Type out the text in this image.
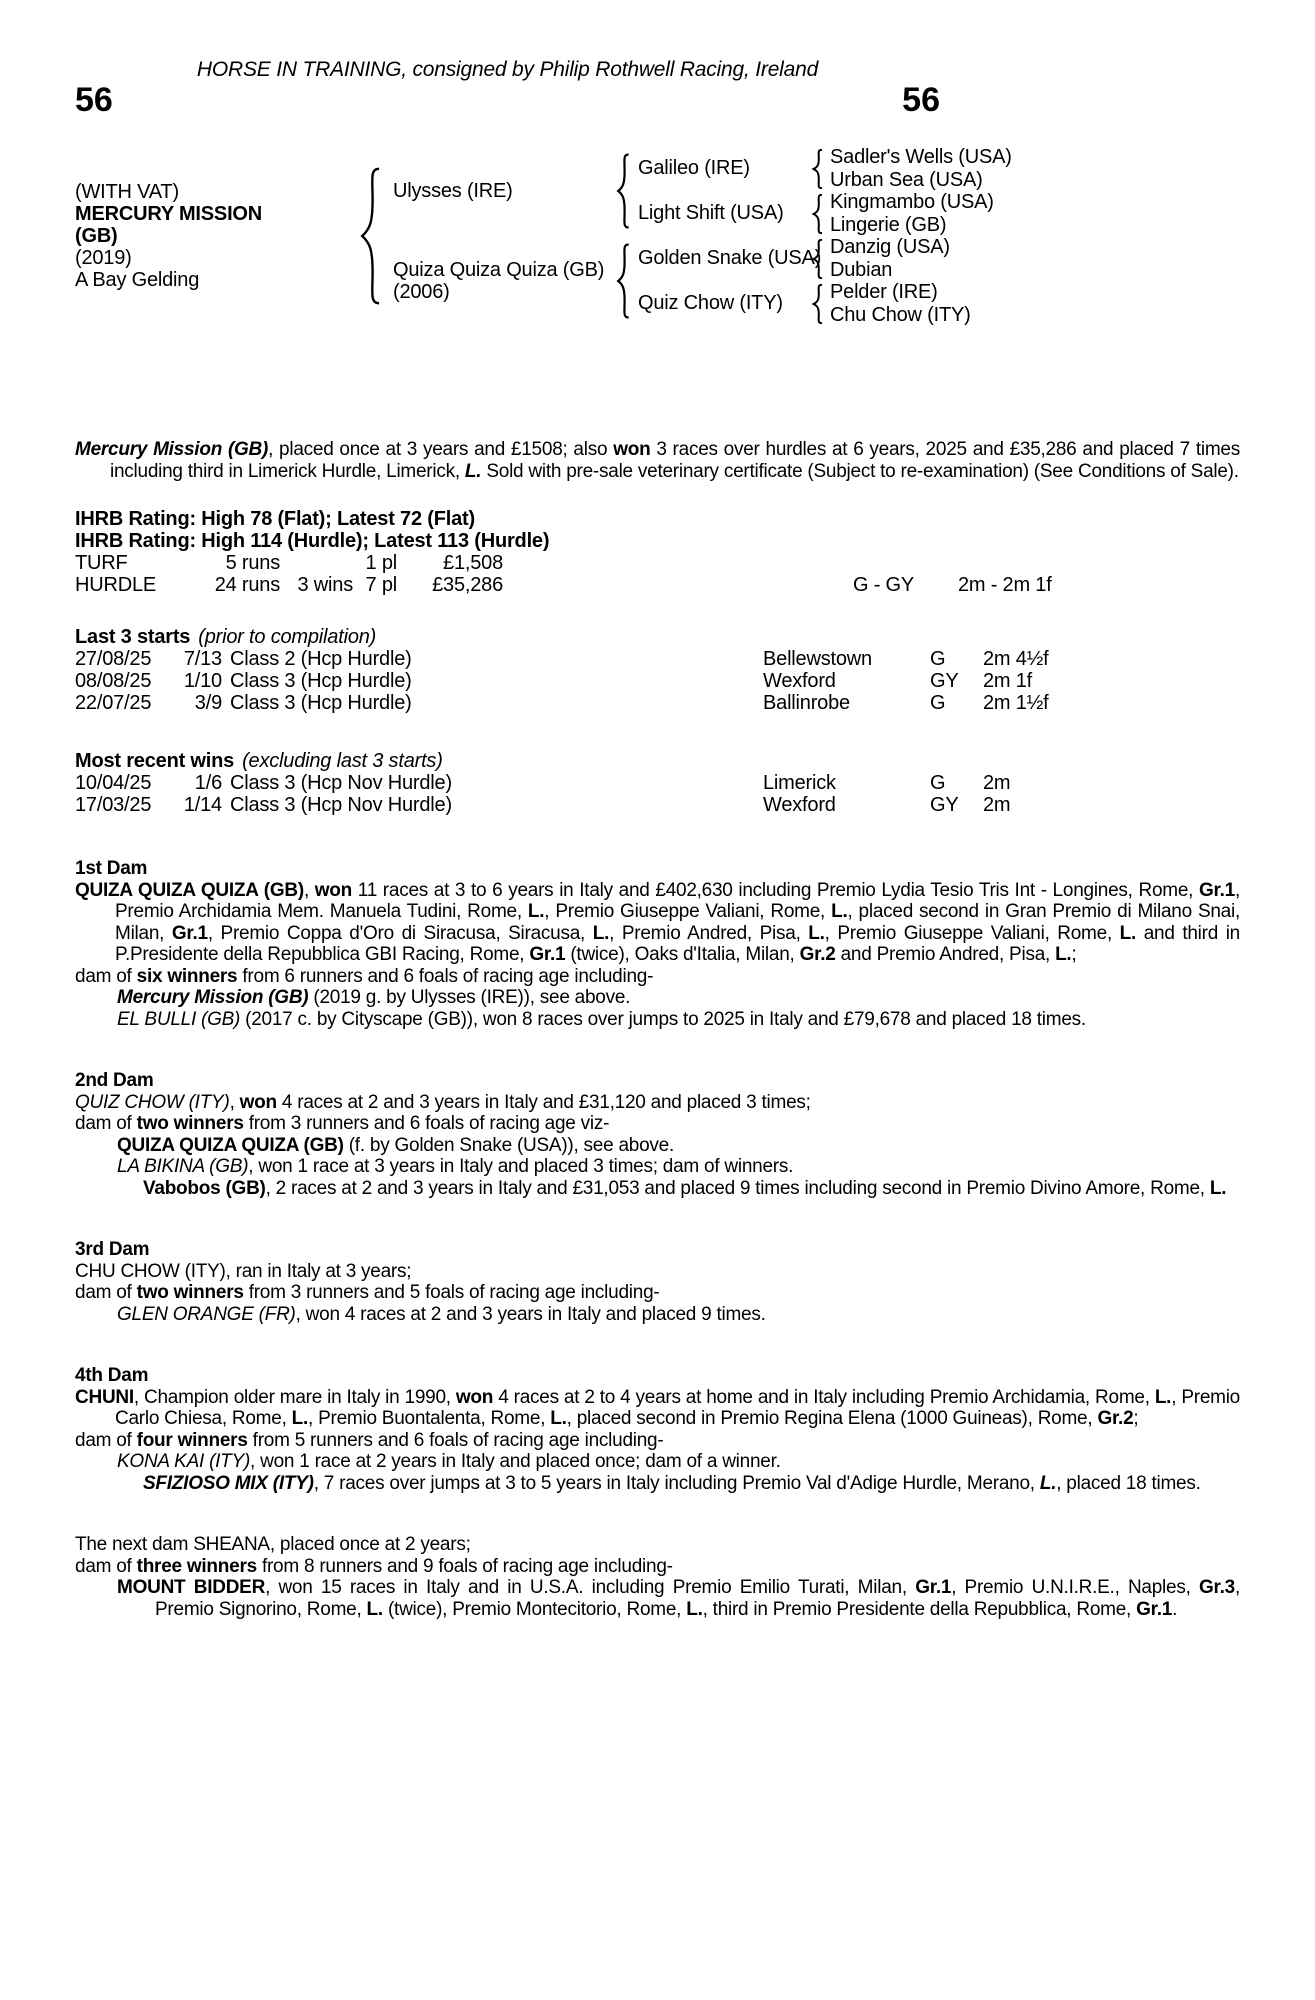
HORSE IN TRAINING, consigned by Philip Rothwell Racing, Ireland
56	56
(WITH VAT)
MERCURY MISSION (GB)
(2019)
A Bay Gelding
Ulysses (IRE)
Quiza Quiza Quiza (GB)
(2006)
Galileo (IRE)
Light Shift (USA)
Golden Snake (USA)
Quiz Chow (ITY)
Sadler's Wells (USA)
Urban Sea (USA)
Kingmambo (USA)
Lingerie (GB)
Danzig (USA)
Dubian
Pelder (IRE)
Chu Chow (ITY)

Mercury Mission (GB), placed once at 3 years and £1508; also won 3 races over hurdles at 6 years, 2025 and £35,286 and placed 7 times including third in Limerick Hurdle, Limerick, L. Sold with pre-sale veterinary certificate (Subject to re-examination) (See Conditions of Sale).

IHRB Rating: High 78 (Flat); Latest 72 (Flat)
IHRB Rating: High 114 (Hurdle); Latest 113 (Hurdle)
TURF	5 runs	1 pl	£1,508
HURDLE	24 runs 3 wins 7 pl	£35,286	G - GY	2m - 2m 1f
Last 3 starts (prior to compilation)
27/08/25	7/13 Class 2 (Hcp Hurdle)	Bellewstown	G	2m 4½f
08/08/25	1/10 Class 3 (Hcp Hurdle)	Wexford	GY	2m 1f
22/07/25	3/9 Class 3 (Hcp Hurdle)	Ballinrobe	G	2m 1½f
Most recent wins (excluding last 3 starts)
10/04/25	1/6 Class 3 (Hcp Nov Hurdle)	Limerick	G	2m
17/03/25	1/14 Class 3 (Hcp Nov Hurdle)	Wexford	GY	2m

1st Dam

QUIZA QUIZA QUIZA (GB), won 11 races at 3 to 6 years in Italy and £402,630 including Premio Lydia Tesio Tris Int - Longines, Rome, Gr.1, Premio Archidamia Mem. Manuela Tudini, Rome, L., Premio Giuseppe Valiani, Rome, L., placed second in Gran Premio di Milano Snai, Milan, Gr.1, Premio Coppa d'Oro di Siracusa, Siracusa, L., Premio Andred, Pisa, L., Premio Giuseppe Valiani, Rome, L. and third in P.Presidente della Repubblica GBI Racing, Rome, Gr.1 (twice), Oaks d'Italia, Milan, Gr.2 and Premio Andred, Pisa, L.;

dam of six winners from 6 runners and 6 foals of racing age including-

Mercury Mission (GB) (2019 g. by Ulysses (IRE)), see above.

EL BULLI (GB) (2017 c. by Cityscape (GB)), won 8 races over jumps to 2025 in Italy and £79,678 and placed 18 times.

2nd Dam

QUIZ CHOW (ITY), won 4 races at 2 and 3 years in Italy and £31,120 and placed 3 times;

dam of two winners from 3 runners and 6 foals of racing age viz-

QUIZA QUIZA QUIZA (GB) (f. by Golden Snake (USA)), see above.

LA BIKINA (GB), won 1 race at 3 years in Italy and placed 3 times; dam of winners.

Vabobos (GB), 2 races at 2 and 3 years in Italy and £31,053 and placed 9 times including second in Premio Divino Amore, Rome, L.

3rd Dam

CHU CHOW (ITY), ran in Italy at 3 years;

dam of two winners from 3 runners and 5 foals of racing age including-

GLEN ORANGE (FR), won 4 races at 2 and 3 years in Italy and placed 9 times.

4th Dam

CHUNI, Champion older mare in Italy in 1990, won 4 races at 2 to 4 years at home and in Italy including Premio Archidamia, Rome, L., Premio Carlo Chiesa, Rome, L., Premio Buontalenta, Rome, L., placed second in Premio Regina Elena (1000 Guineas), Rome, Gr.2;

dam of four winners from 5 runners and 6 foals of racing age including-

KONA KAI (ITY), won 1 race at 2 years in Italy and placed once; dam of a winner.

SFIZIOSO MIX (ITY), 7 races over jumps at 3 to 5 years in Italy including Premio Val d'Adige Hurdle, Merano, L., placed 18 times.

The next dam SHEANA, placed once at 2 years;

dam of three winners from 8 runners and 9 foals of racing age including-

MOUNT BIDDER, won 15 races in Italy and in U.S.A. including Premio Emilio Turati, Milan, Gr.1, Premio U.N.I.R.E., Naples, Gr.3, Premio Signorino, Rome, L. (twice), Premio Montecitorio, Rome, L., third in Premio Presidente della Repubblica, Rome, Gr.1.
